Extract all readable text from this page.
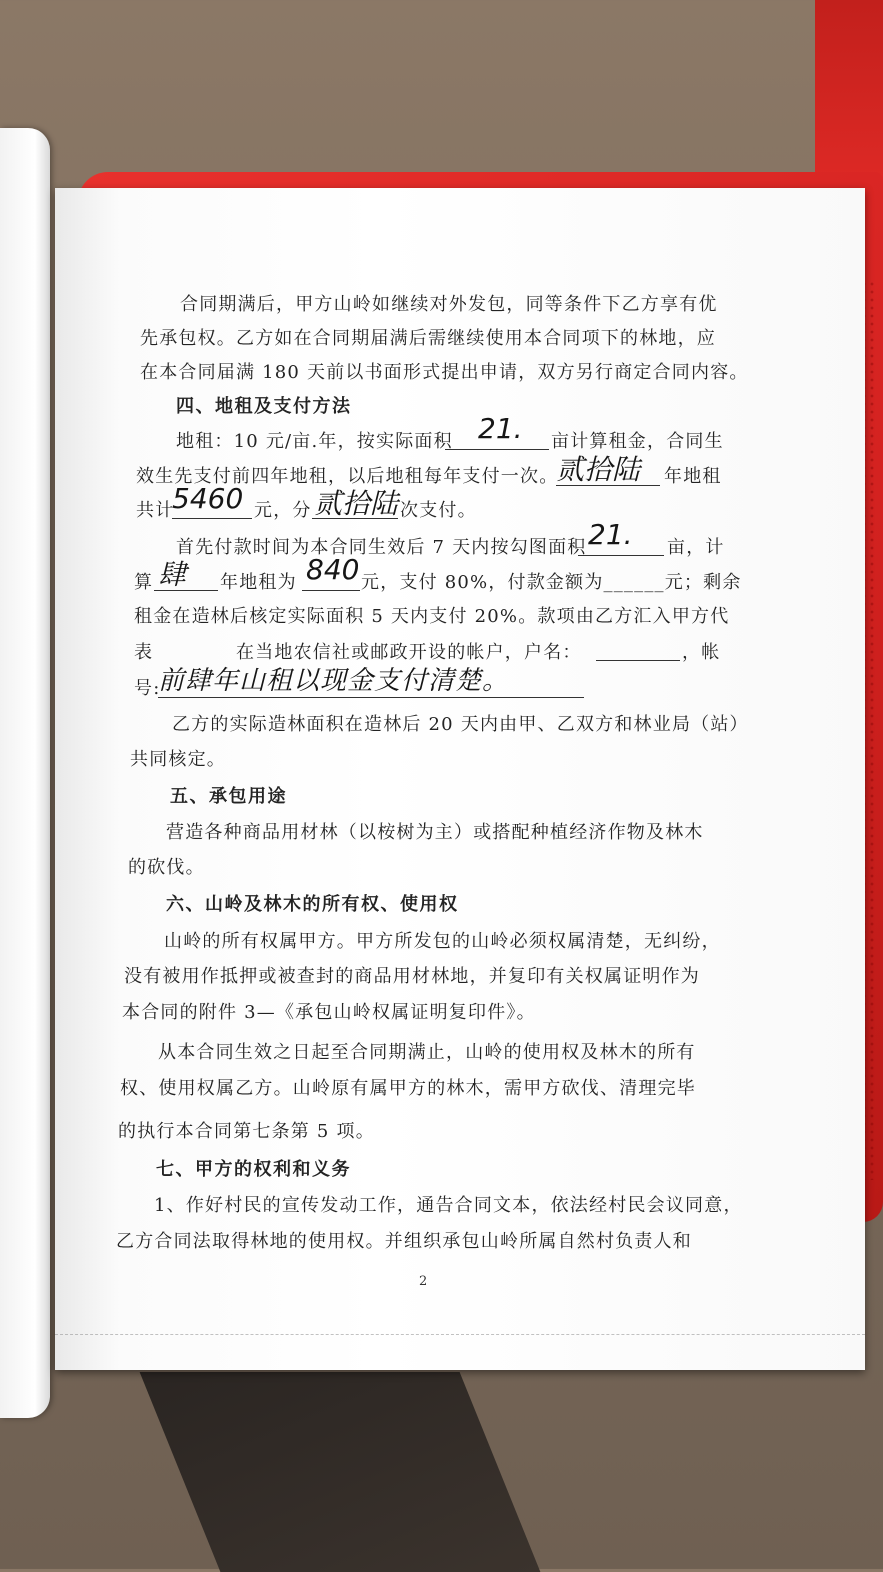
合同期满后，甲方山岭如继续对外发包，同等条件下乙方享有优
先承包权。乙方如在合同期届满后需继续使用本合同项下的林地，应
在本合同届满 180 天前以书面形式提出申请，双方另行商定合同内容。
四、地租及支付方法
地租：10 元/亩.年，按实际面积 21. 亩计算租金，合同生
效生先支付前四年地租，以后地租每年支付一次。
贰拾陆 年地租
共计
5460 元，分 贰拾陆 次支付。
首先付款时间为本合同生效后 7 天内按勾图面积 21. 亩，计
算 肆 年地租为 840 元，支付 80%，付款金额为______元；剩余
租金在造林后核定实际面积 5 天内支付 20%。款项由乙方汇入甲方代
表	在当地农信社或邮政开设的帐户，户名：	，帐
号:
前肆年山租以现金支付清楚。
乙方的实际造林面积在造林后 20 天内由甲、乙双方和林业局（站）
共同核定。
五、承包用途
营造各种商品用材林（以桉树为主）或搭配种植经济作物及林木
的砍伐。
六、山岭及林木的所有权、使用权
山岭的所有权属甲方。甲方所发包的山岭必须权属清楚，无纠纷，
没有被用作抵押或被查封的商品用材林地，并复印有关权属证明作为
本合同的附件 3—《承包山岭权属证明复印件》。
从本合同生效之日起至合同期满止，山岭的使用权及林木的所有
权、使用权属乙方。山岭原有属甲方的林木，需甲方砍伐、清理完毕
的执行本合同第七条第 5 项。
七、甲方的权利和义务
1、作好村民的宣传发动工作，通告合同文本，依法经村民会议同意，
乙方合同法取得林地的使用权。并组织承包山岭所属自然村负责人和
2
